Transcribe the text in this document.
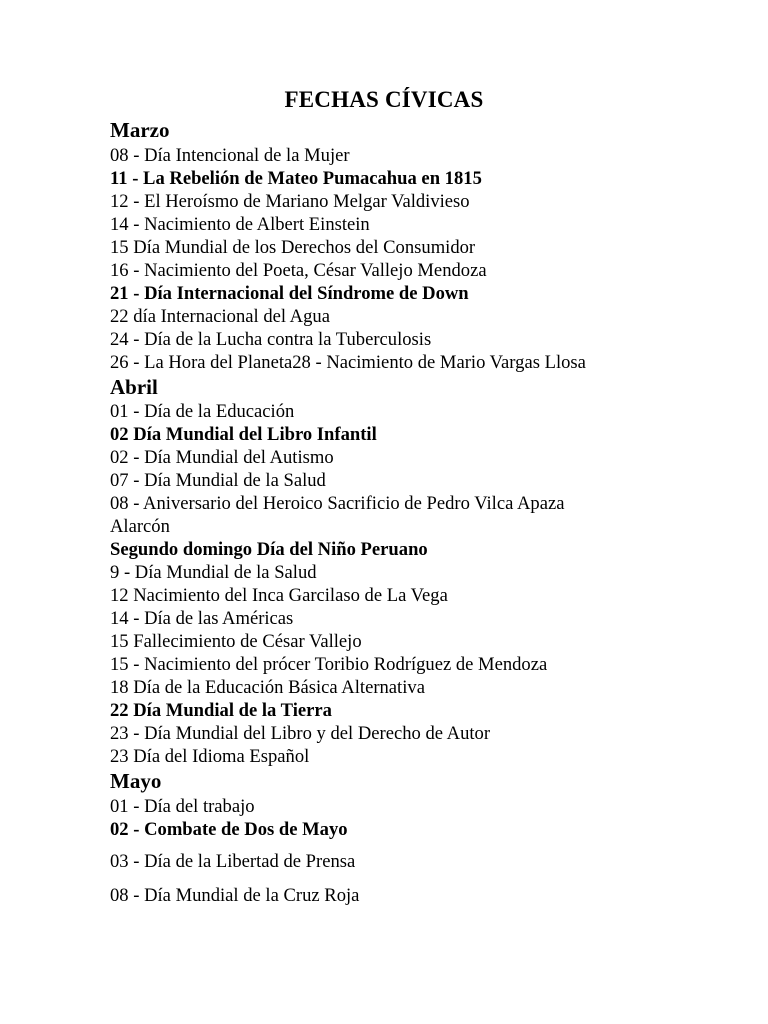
FECHAS CÍVICAS
Marzo
08 - Día Intencional de la Mujer
11 - La Rebelión de Mateo Pumacahua en 1815
12 - El Heroísmo de Mariano Melgar Valdivieso
14 - Nacimiento de Albert Einstein
15 Día Mundial de los Derechos del Consumidor
16 - Nacimiento del Poeta, César Vallejo Mendoza
21 - Día Internacional del Síndrome de Down
22 día Internacional del Agua
24 - Día de la Lucha contra la Tuberculosis
26 - La Hora del Planeta28 - Nacimiento de Mario Vargas Llosa
Abril
01 - Día de la Educación
02 Día Mundial del Libro Infantil
02 - Día Mundial del Autismo
07 - Día Mundial de la Salud
08 - Aniversario del Heroico Sacrificio de Pedro Vilca Apaza
Alarcón
Segundo domingo Día del Niño Peruano
9 - Día Mundial de la Salud
12 Nacimiento del Inca Garcilaso de La Vega
14 - Día de las Américas
15 Fallecimiento de César Vallejo
15 - Nacimiento del prócer Toribio Rodríguez de Mendoza
18 Día de la Educación Básica Alternativa
22 Día Mundial de la Tierra
23 - Día Mundial del Libro y del Derecho de Autor
23 Día del Idioma Español
Mayo
01 - Día del trabajo
02 - Combate de Dos de Mayo
03 - Día de la Libertad de Prensa
08 - Día Mundial de la Cruz Roja
